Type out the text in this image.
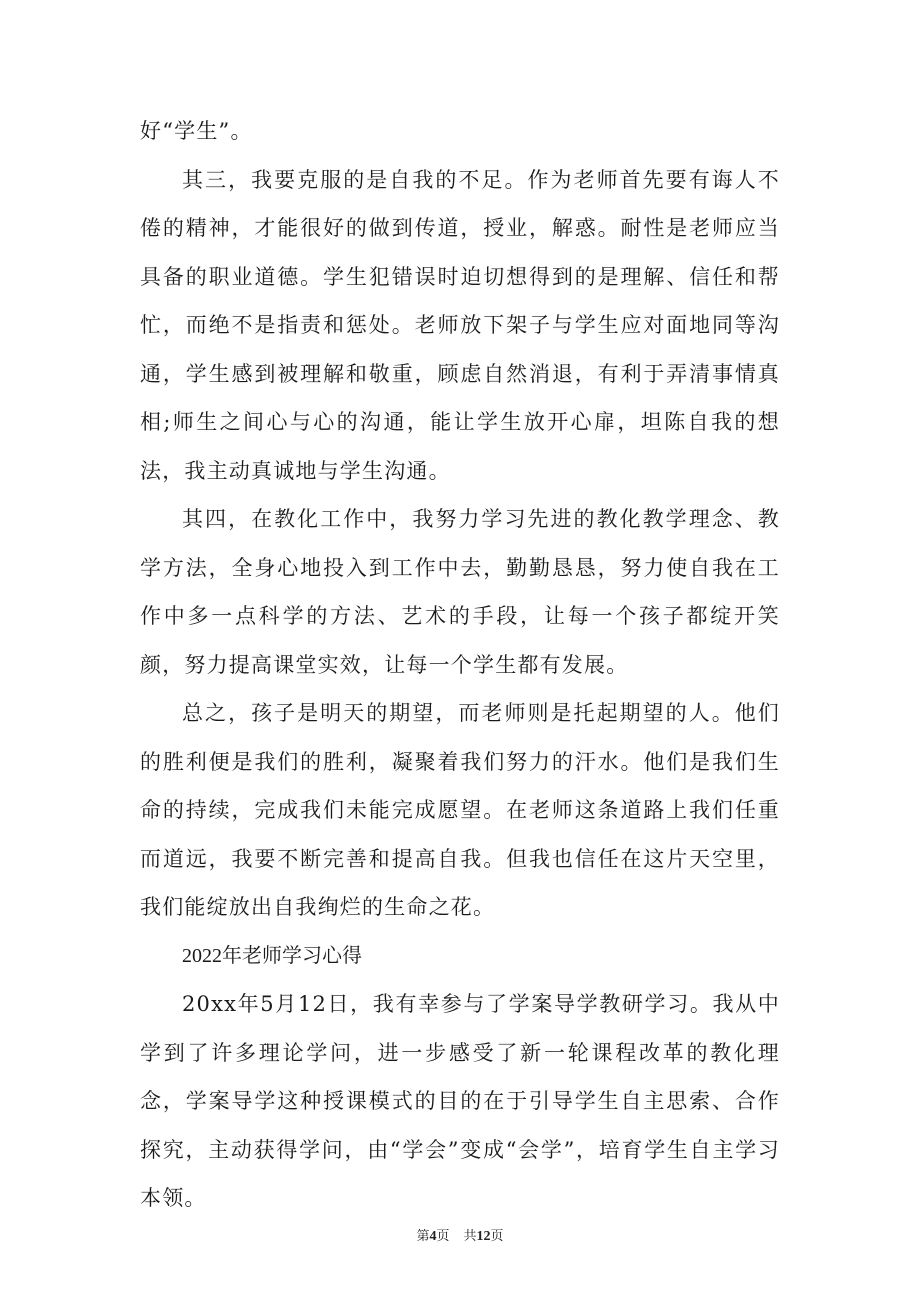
好“学生”。

其三，我要克服的是自我的不足。作为老师首先要有诲人不倦的精神，才能很好的做到传道，授业，解惑。耐性是老师应当具备的职业道德。学生犯错误时迫切想得到的是理解、信任和帮忙，而绝不是指责和惩处。老师放下架子与学生应对面地同等沟通，学生感到被理解和敬重，顾虑自然消退，有利于弄清事情真相;师生之间心与心的沟通，能让学生放开心扉，坦陈自我的想法，我主动真诚地与学生沟通。

其四，在教化工作中，我努力学习先进的教化教学理念、教学方法，全身心地投入到工作中去，勤勤恳恳，努力使自我在工作中多一点科学的方法、艺术的手段，让每一个孩子都绽开笑颜，努力提高课堂实效，让每一个学生都有发展。

总之，孩子是明天的期望，而老师则是托起期望的人。他们的胜利便是我们的胜利，凝聚着我们努力的汗水。他们是我们生命的持续，完成我们未能完成愿望。在老师这条道路上我们任重而道远，我要不断完善和提高自我。但我也信任在这片天空里，我们能绽放出自我绚烂的生命之花。

2022年老师学习心得

20xx年5月12日，我有幸参与了学案导学教研学习。我从中学到了许多理论学问，进一步感受了新一轮课程改革的教化理念，学案导学这种授课模式的目的在于引导学生自主思索、合作探究，主动获得学问，由“学会”变成“会学”，培育学生自主学习本领。

第4页 共12页
